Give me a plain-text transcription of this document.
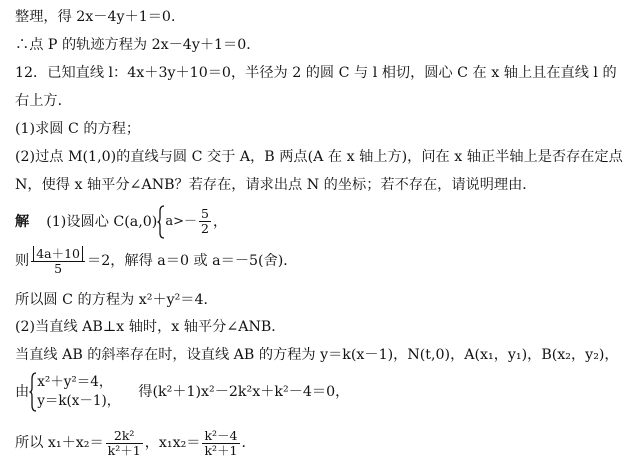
整理，得 2x－4y＋1＝0．
∴点 P 的轨迹方程为 2x－4y＋1＝0．
12．已知直线 l：4x＋3y＋10＝0，半径为 2 的圆 C 与 l 相切，圆心 C 在 x 轴上且在直线 l 的
右上方．
(1)求圆 C 的方程；
(2)过点 M(1,0)的直线与圆 C 交于 A，B 两点(A 在 x 轴上方)，问在 x 轴正半轴上是否存在定点
N，使得 x 轴平分∠ANB？若存在，请求出点 N 的坐标；若不存在，请说明理由．
解 (1)设圆心 C(a,0) $a>- \frac{5}{2}$ ，
则 $\frac{4a+10}{5} =2$，解得 a＝0 或 a＝－5(舍)．
所以圆 C 的方程为 x²＋y²＝4．
(2)当直线 AB⊥x 轴时，x 轴平分∠ANB．
当直线 AB 的斜率存在时，设直线 AB 的方程为 y＝k(x－1)，N(t,0)，A(x₁，y₁)，B(x₂，y₂)，
由
x²＋y²＝4，
y＝k(x－1)，
得(k²＋1)x²－2k²x＋k²－4＝0，
所以 $x_1+x_2= \frac{\text{2k²}}{\text{k²＋1}}$ ，$x_1x_2= \frac{\text{k²－4}}{\text{k²＋1}}$ ．
